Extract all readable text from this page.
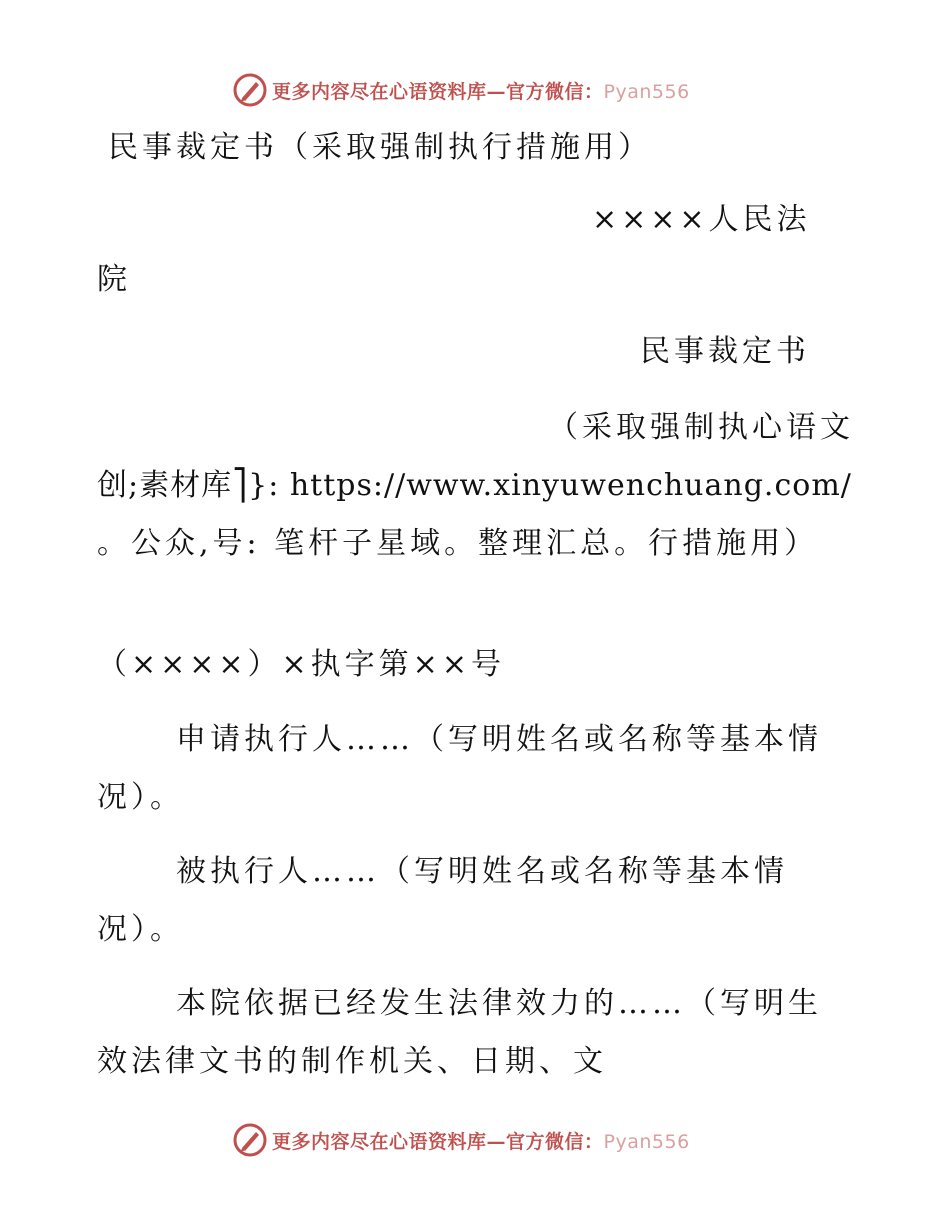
更多内容尽在心语资料库—官方微信：Pyan556
民事裁定书（采取强制执行措施用）
××××人民法
院
民事裁定书
（采取强制执心语文
创;素材库⎤}: https://www.xinyuwenchuang.com/
。公众,号: 笔杆子星域。整理汇总。行措施用）
（××××）×执字第××号
申请执行人……（写明姓名或名称等基本情
况）。
被执行人……（写明姓名或名称等基本情
况）。
本院依据已经发生法律效力的……（写明生
效法律文书的制作机关、日期、文
更多内容尽在心语资料库—官方微信：Pyan556
